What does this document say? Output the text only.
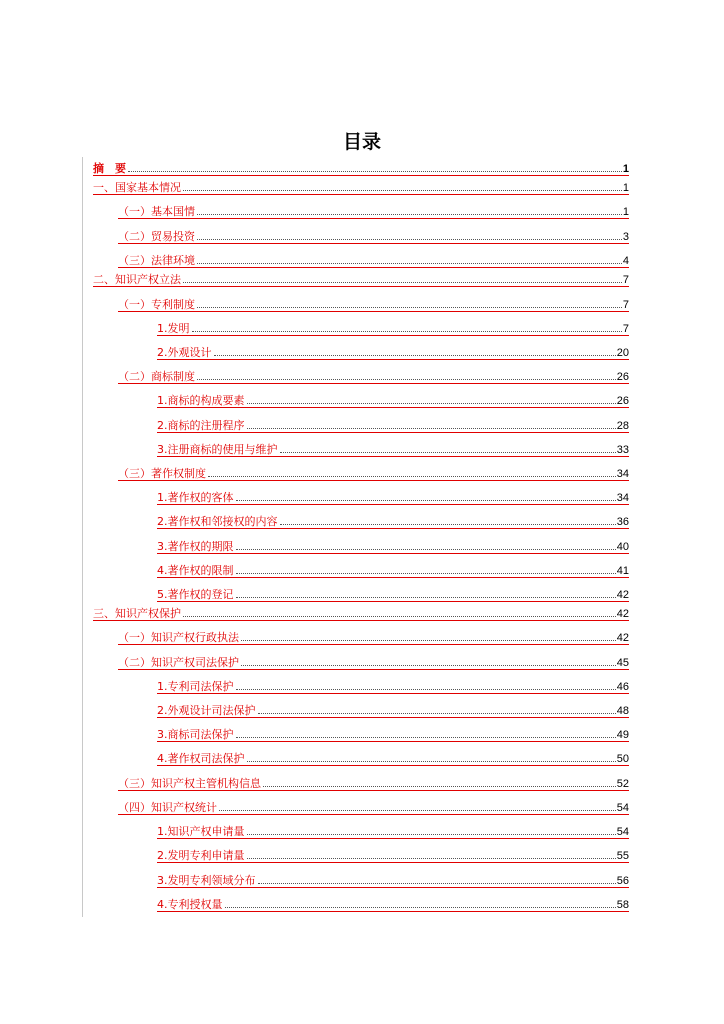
目录
摘　要	1
一、国家基本情况	1
（一）基本国情	1
（二）贸易投资	3
（三）法律环境	4
二、知识产权立法	7
（一）专利制度	7
1.发明	7
2.外观设计	20
（二）商标制度	26
1.商标的构成要素	26
2.商标的注册程序	28
3.注册商标的使用与维护	33
（三）著作权制度	34
1.著作权的客体	34
2.著作权和邻接权的内容	36
3.著作权的期限	40
4.著作权的限制	41
5.著作权的登记	42
三、知识产权保护	42
（一）知识产权行政执法	42
（二）知识产权司法保护	45
1.专利司法保护	46
2.外观设计司法保护	48
3.商标司法保护	49
4.著作权司法保护	50
（三）知识产权主管机构信息	52
（四）知识产权统计	54
1.知识产权申请量	54
2.发明专利申请量	55
3.发明专利领域分布	56
4.专利授权量	58
